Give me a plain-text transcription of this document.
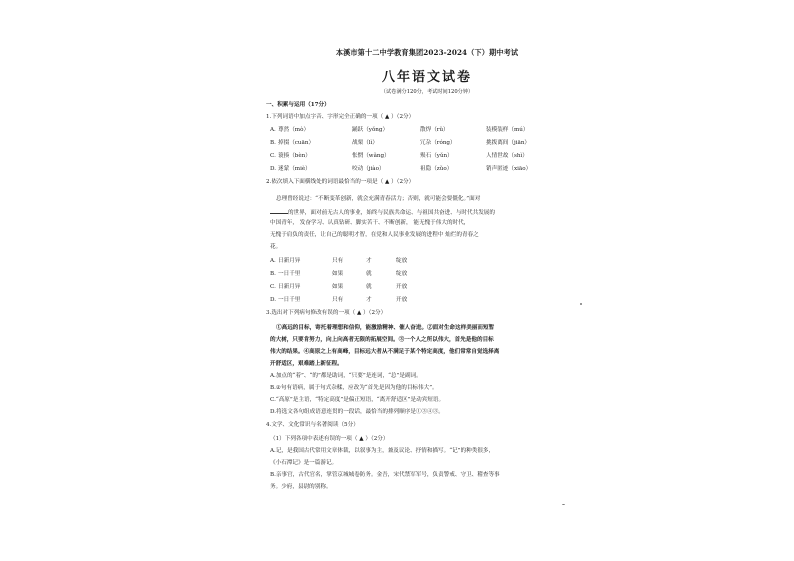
本溪市第十二中学教育集团2023-2024（下）期中考试
八年语文试卷
（试卷满分120分，考试时间120分钟）
一、积累与运用（17分）
1.下列词语中加点字音、字形完全正确的一项（ ▲ ）（2分）
A. 尊然（mò）	踊跃（yǒng）	散焊（rǔ）	装模装样（mú）
B. 掉掇（cuān）	战栗（lì）	冗杂（róng）	挑拨离间（jiān）
C. 蓑揍（bèn）	怅惘（wǎng）	殒石（yǔn）	人情世故（shì）
D. 迷蒙（miè）	咬动（jiào）	祖隐（zǔo）	销声匿迹（xiāo）
2.依次填入下面横线处的词语最恰当的一项是（ ▲ ）（2分）
总理曾经说过：“不断变革创新，就会充满青春活力；否则，就可能会要僵化。”面对
的世界，面对前无古人的事业，始终与民族共命运、与祖国共奋进、与时代共发展的
中国青年， 发奋学习、认真钻研、脚实苦干、不断创新， 能无愧于伟大的时代，
无愧于肩负的责任，让自己的聪明才智，在党和人民事业发展的进程中 灿烂的青春之
花。
A. 日新月异	只有	才	绽放
B. 一日千里	如果	就	绽放
C. 日新月异	如果	就	开放
D. 一日千里	只有	才	开放
3.选出对下列病句修改有误的一项（ ▲ ）（2分）
①高远的目标，寄托着理想和信仰，能激励精神、催人奋进。②面对生命这样美丽而短暂
的大树，只要肯努力，向上向高者无限的拓展空间。③一个人之所以伟大，首先是他的目标
伟大的结果。④高原之上有高峰，目标远大者从不满足于某个特定高度，他们常常自觉选择离
开舒适区，艰难踏上新征程。
A.加点的“着”、“的”都是助词，“只要”是连词，“总”是副词。
B.②句有语病，属于句式杂糅，应改为“首先是因为他的目标伟大”。
C.“高原”是主语，“特定高度”是偏正短语，“离开舒适区”是动宾短语。
D.将选文各句组成语意连贯的一段话，最恰当的排列顺序是①③④③。
4.文学、文化常识与名著阅读（5分）
（1）下列各项中表述有误的一项（ ▲ ）（2分）
A.记，是我国古代常用文章体裁，以叙事为主，兼及议论、抒情和描写。“记”的种类很多，
《小石潭记》是一篇游记。
B.亲事官，古代官名，掌管京城城卷防务。金吾，宋代禁军军号，负责警戒、守卫、稽查等事
务。少府，县尉的别称。
